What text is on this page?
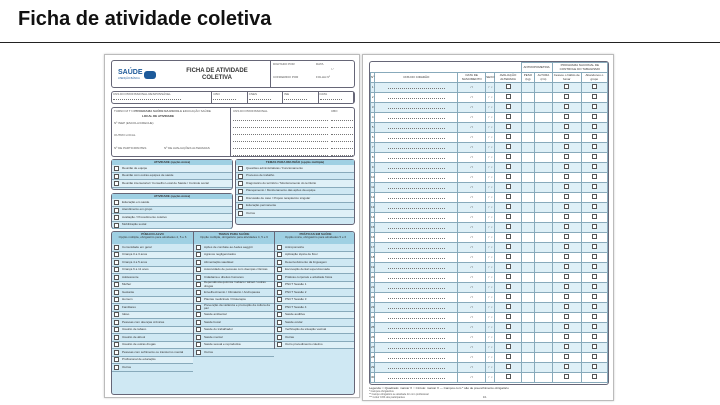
Ficha de atividade coletiva
SAÚDE
ATENÇÃO BÁSICA
FICHA DE ATIVIDADE COLETIVA
DIGITADO POR	DATA
/ /
CONFERIDO POR	FOLHA Nº
CNS DO PROFISSIONAL RESPONSÁVEL	CBO	CNES	INE	DATA
TURNO M T N PROGRAMA SAÚDE NA ESCOLA EDUCAÇÃO SAÚDE
LOCAL DE ATIVIDADE
Nº INEP (ESCOLA/CRECHE)
OUTRO LOCAL
Nº DE PARTICIPANTES	Nº DE AVALIAÇÕES ALTERADAS
CNS DO PROFISSIONAL	CBO
ATIVIDADE (opção única)
Reunião de equipe
Reunião com outras equipes de saúde
Reunião intersetorial / Conselho Local de Saúde / Controle social
ATIVIDADE (opção única)
Educação em saúde
Atendimento em grupo
Avaliação / Procedimento coletivo
Mobilização social
TEMAS PARA REUNIÃO (opção múltipla)
Questões administrativas / Funcionamento
Processo de trabalho
Diagnóstico do território / Monitoramento do território
Planejamento / Monitoramento das ações da equipe
Discussão de caso / Projeto terapêutico singular
Educação permanente
Outros
PÚBLICO-ALVO
Opção múltipla, obrigatório para atividades 4, 5 e 6
Comunidade em geral
Criança 0 a 3 anos
Criança 4 a 5 anos
Criança 6 a 11 anos
Adolescente
Mulher
Gestante
Homem
Familiares
Idoso
Pessoas com doenças crônicas
Usuário de tabaco
Usuário de álcool
Usuário de outras drogas
Pessoas com sofrimento ou transtorno mental
Profissional de educação
Outros
TEMAS PARA SAÚDE
Opção múltipla, obrigatório para atividades 4, 5 e 6
Ações de combate ao Aedes aegypti
Agravos negligenciados
Alimentação saudável
Autocuidado de pessoas com doenças crônicas
Cidadania e direitos humanos
Dependência química / tabaco / álcool / outras drogas
Envelhecimento / Climatério / Andropausa
Plantas medicinais / Fitoterapia
Prevenção da violência e promoção da cultura da paz
Saúde ambiental
Saúde bucal
Saúde do trabalhador
Saúde mental
Saúde sexual e reprodutiva
Outros
PRÁTICAS EM SAÚDE
Opção única, obrigatório para atividades 5 e 6
Antropometria
Aplicação tópica de flúor
Desenvolvimento da linguagem
Escovação dental supervisionada
Práticas corporais e atividade física
PNCT Sessão 1
PNCT Sessão 2
PNCT Sessão 3
PNCT Sessão 4
Saúde auditiva
Saúde ocular
Verificação da situação vacinal
Outras
Outro procedimento coletivo
					ANTROPOMETRIA		PROGRAMA NACIONAL DE CONTROLE DO TABAGISMO	
Nº	CNS DO CIDADÃO	DATA DE NASCIMENTO	SEXO	AVALIAÇÃO ALTERADA	PESO (kg)	ALTURA (cm)	Cessou o hábito de fumar	Abandonou o grupo
1		/ /	♂ ♀					
2		/ /	♂ ♀					
3		/ /	♂ ♀					
4		/ /	♂ ♀					
5		/ /	♂ ♀					
6		/ /	♂ ♀					
7		/ /	♂ ♀					
8		/ /	♂ ♀					
9		/ /	♂ ♀					
10		/ /	♂ ♀					
11		/ /	♂ ♀					
12		/ /	♂ ♀					
13		/ /	♂ ♀					
14		/ /	♂ ♀					
15		/ /	♂ ♀					
16		/ /	♂ ♀					
17		/ /	♂ ♀					
18		/ /	♂ ♀					
19		/ /	♂ ♀					
20		/ /	♂ ♀					
21		/ /	♂ ♀					
22		/ /	♂ ♀					
23		/ /	♂ ♀					
24		/ /	♂ ♀					
25		/ /	♂ ♀					
26		/ /	♂ ♀					
27		/ /	♂ ♀					
28		/ /	♂ ♀					
29		/ /	♂ ♀					
30		/ /	♂ ♀					
Legenda: □ Quadrado: marcar X ○ Círculo: marcar X — Campos com * são de preenchimento obrigatório
* Campos obrigatórios
** Campo obrigatório se atividade for com profissional
*** Incluir CNS dos participantes	1/1
